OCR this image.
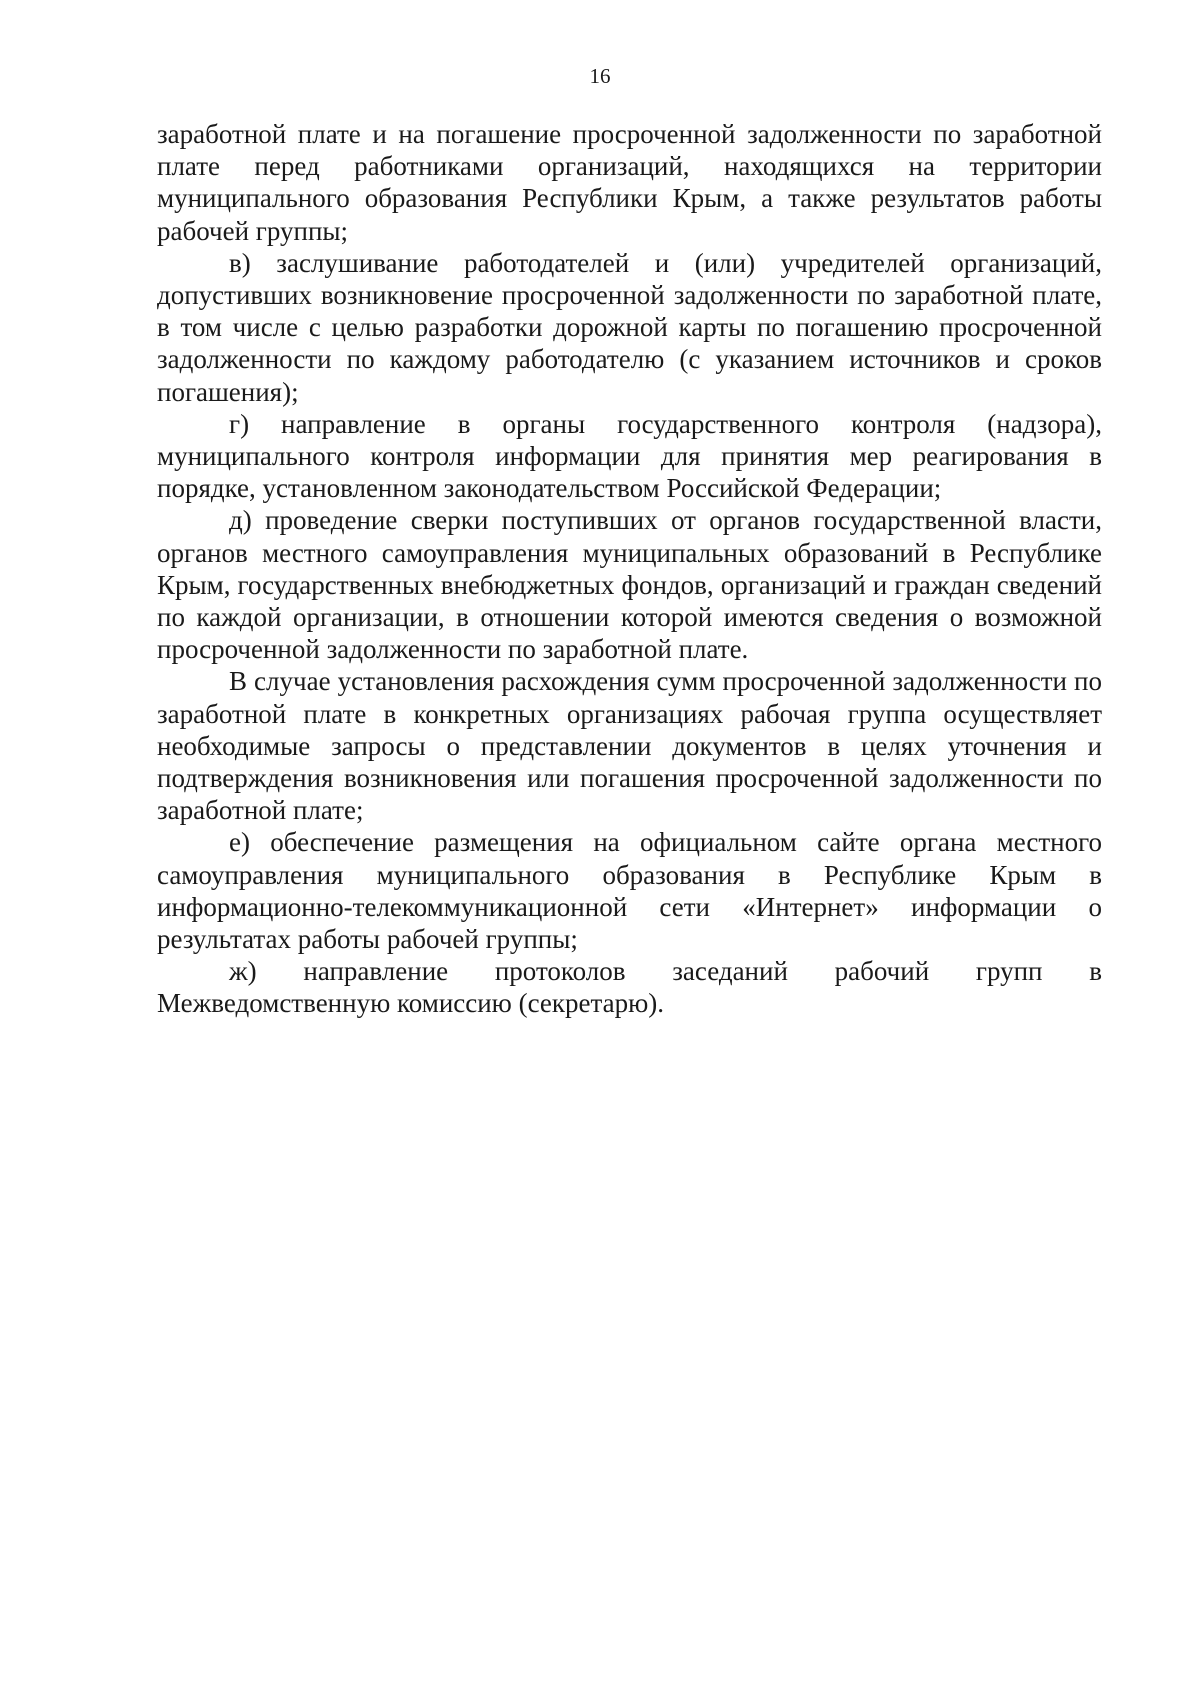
16

заработной плате и на погашение просроченной задолженности по заработной плате перед работниками организаций, находящихся на территории муниципального образования Республики Крым, а также результатов работы рабочей группы;

в) заслушивание работодателей и (или) учредителей организаций, допустивших возникновение просроченной задолженности по заработной плате, в том числе с целью разработки дорожной карты по погашению просроченной задолженности по каждому работодателю (с указанием источников и сроков погашения);

г) направление в органы государственного контроля (надзора), муниципального контроля информации для принятия мер реагирования в порядке, установленном законодательством Российской Федерации;

д) проведение сверки поступивших от органов государственной власти, органов местного самоуправления муниципальных образований в Республике Крым, государственных внебюджетных фондов, организаций и граждан сведений по каждой организации, в отношении которой имеются сведения о возможной просроченной задолженности по заработной плате.

В случае установления расхождения сумм просроченной задолженности по заработной плате в конкретных организациях рабочая группа осуществляет необходимые запросы о представлении документов в целях уточнения и подтверждения возникновения или погашения просроченной задолженности по заработной плате;

е) обеспечение размещения на официальном сайте органа местного самоуправления муниципального образования в Республике Крым в информационно-телекоммуникационной сети «Интернет» информации о результатах работы рабочей группы;

ж) направление протоколов заседаний рабочий групп в Межведомственную комиссию (секретарю).
